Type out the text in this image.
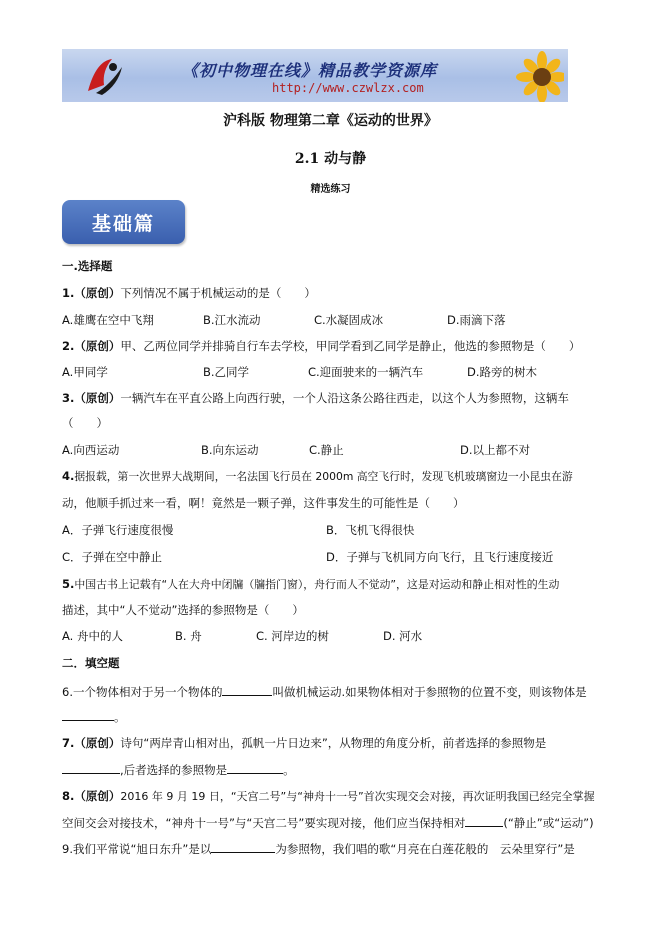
《初中物理在线》精品教学资源库
http://www.czwlzx.com
沪科版 物理第二章《运动的世界》
2.1 动与静
精选练习
基础篇
一.选择题
1.（原创）下列情况不属于机械运动的是（　　）
A.雄鹰在空中飞翔	B.江水流动	C.水凝固成冰	D.雨滴下落
2.（原创）甲、乙两位同学并排骑自行车去学校，甲同学看到乙同学是静止，他选的参照物是（　　）
A.甲同学	B.乙同学	C.迎面驶来的一辆汽车	D.路旁的树木
3.（原创）一辆汽车在平直公路上向西行驶，一个人沿这条公路往西走，以这个人为参照物，这辆车
（　　）
A.向西运动	B.向东运动	C.静止	D.以上都不对
4.据报载，第一次世界大战期间，一名法国飞行员在 2000m 高空飞行时，发现飞机玻璃窗边一小昆虫在游
动，他顺手抓过来一看，啊！竟然是一颗子弹，这件事发生的可能性是（　　）
A．子弹飞行速度很慢	B．飞机飞得很快
C．子弹在空中静止	D．子弹与飞机同方向飞行，且飞行速度接近
5.中国古书上记载有“人在大舟中闭牖（牖指门窗），舟行而人不觉动”，这是对运动和静止相对性的生动
描述，其中“人不觉动”选择的参照物是（　　）
A. 舟中的人	B. 舟	C. 河岸边的树	D. 河水
二．填空题
6.一个物体相对于另一个物体的	叫做机械运动.如果物体相对于参照物的位置不变，则该物体是
。
7.（原创）诗句“两岸青山相对出，孤帆一片日边来”，从物理的角度分析，前者选择的参照物是
,后者选择的参照物是	。
8.（原创）2016 年 9 月 19 日，“天宫二号”与“神舟十一号”首次实现交会对接，再次证明我国已经完全掌握
空间交会对接技术，“神舟十一号”与“天宫二号”要实现对接，他们应当保持相对	(“静止”或“运动”)
9.我们平常说“旭日东升”是以	为参照物，我们唱的歌“月亮在白莲花般的　云朵里穿行”是
